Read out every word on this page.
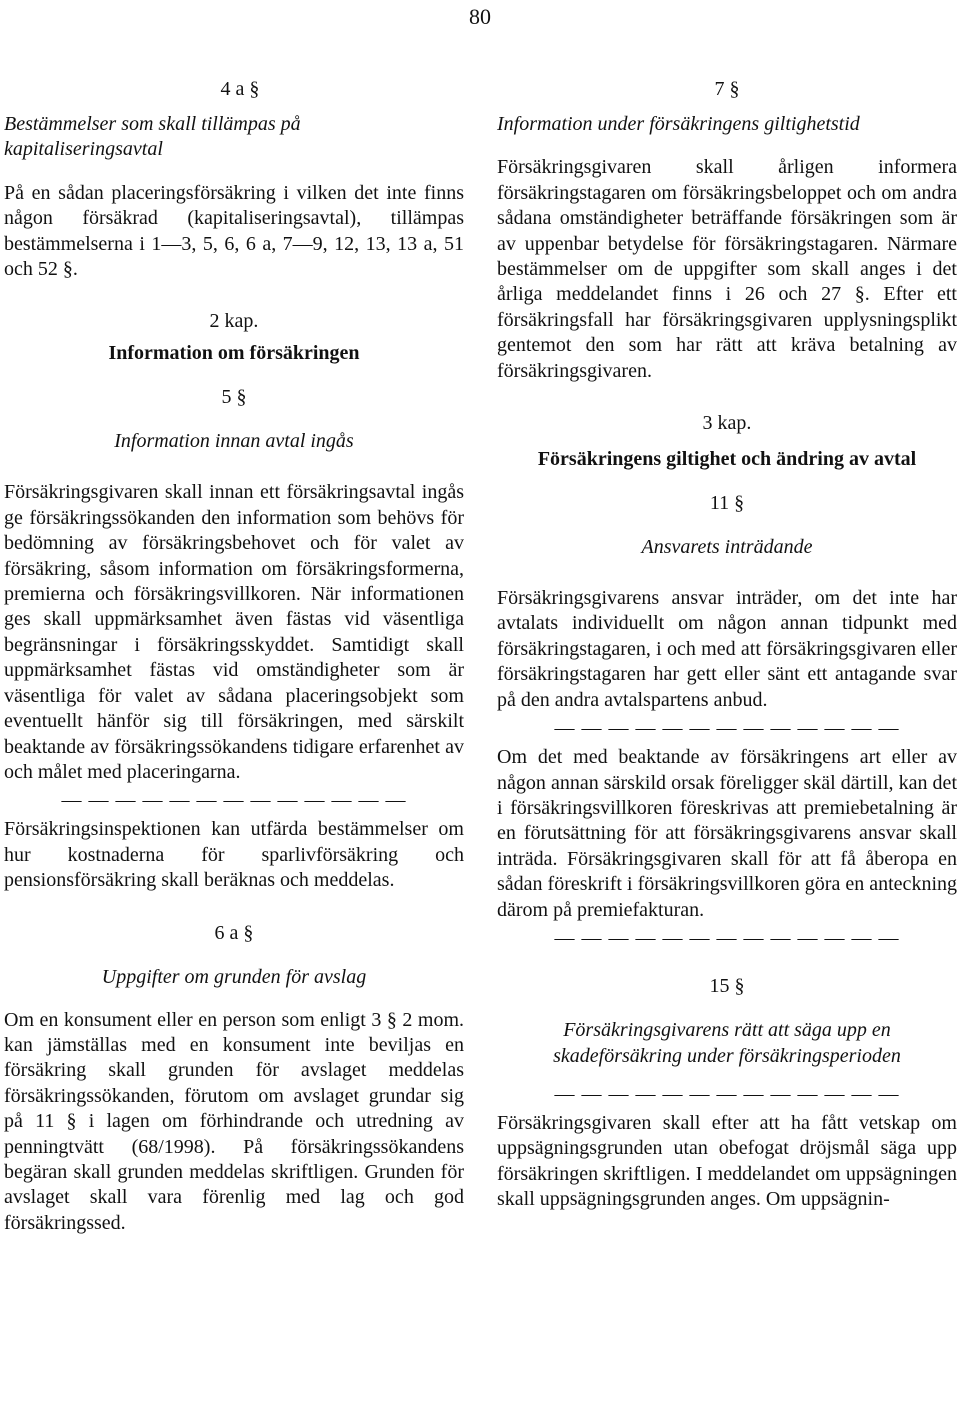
80

4 a §

Bestämmelser som skall tillämpas på kapitaliseringsavtal

På en sådan placeringsförsäkring i vilken det inte finns någon försäkrad (kapitaliseringsavtal), tillämpas bestämmelserna i 1—3, 5, 6, 6 a, 7—9, 12, 13, 13 a, 51 och 52 §.

2 kap.

Information om försäkringen

5 §

Information innan avtal ingås

Försäkringsgivaren skall innan ett försäkringsavtal ingås ge försäkringssökanden den information som behövs för bedömning av försäkringsbehovet och för valet av försäkring, såsom information om försäkringsformerna, premierna och försäkringsvillkoren. När informationen ges skall uppmärksamhet även fästas vid väsentliga begränsningar i försäkringsskyddet. Samtidigt skall uppmärksamhet fästas vid omständigheter som är väsentliga för valet av sådana placeringsobjekt som eventuellt hänför sig till försäkringen, med särskilt beaktande av försäkringssökandens tidigare erfarenhet av och målet med placeringarna.

— — — — — — — — — — — — —

Försäkringsinspektionen kan utfärda bestämmelser om hur kostnaderna för sparlivförsäkring och pensionsförsäkring skall beräknas och meddelas.

6 a §

Uppgifter om grunden för avslag

Om en konsument eller en person som enligt 3 § 2 mom. kan jämställas med en konsument inte beviljas en försäkring skall grunden för avslaget meddelas försäkringssökanden, förutom om avslaget grundar sig på 11 § i lagen om förhindrande och utredning av penningtvätt (68/1998). På försäkringssökandens begäran skall grunden meddelas skriftligen. Grunden för avslaget skall vara förenlig med lag och god försäkringssed.

7 §

Information under försäkringens giltighetstid

Försäkringsgivaren skall årligen informera försäkringstagaren om försäkringsbeloppet och om andra sådana omständigheter beträffande försäkringen som är av uppenbar betydelse för försäkringstagaren. Närmare bestämmelser om de uppgifter som skall anges i det årliga meddelandet finns i 26 och 27 §. Efter ett försäkringsfall har försäkringsgivaren upplysningsplikt gentemot den som har rätt att kräva betalning av försäkringsgivaren.

3 kap.

Försäkringens giltighet och ändring av avtal

11 §

Ansvarets inträdande

Försäkringsgivarens ansvar inträder, om det inte har avtalats individuellt om någon annan tidpunkt med försäkringstagaren, i och med att försäkringsgivaren eller försäkringstagaren har gett eller sänt ett antagande svar på den andra avtalspartens anbud.

— — — — — — — — — — — — —

Om det med beaktande av försäkringens art eller av någon annan särskild orsak föreligger skäl därtill, kan det i försäkringsvillkoren föreskrivas att premiebetalning är en förutsättning för att försäkringsgivarens ansvar skall inträda. Försäkringsgivaren skall för att få åberopa en sådan föreskrift i försäkringsvillkoren göra en anteckning därom på premiefakturan.

— — — — — — — — — — — — —

15 §

Försäkringsgivarens rätt att säga upp en skadeförsäkring under försäkringsperioden

— — — — — — — — — — — — —

Försäkringsgivaren skall efter att ha fått vetskap om uppsägningsgrunden utan obefogat dröjsmål säga upp försäkringen skriftligen. I meddelandet om uppsägningen skall uppsägningsgrunden anges. Om uppsägnin-
